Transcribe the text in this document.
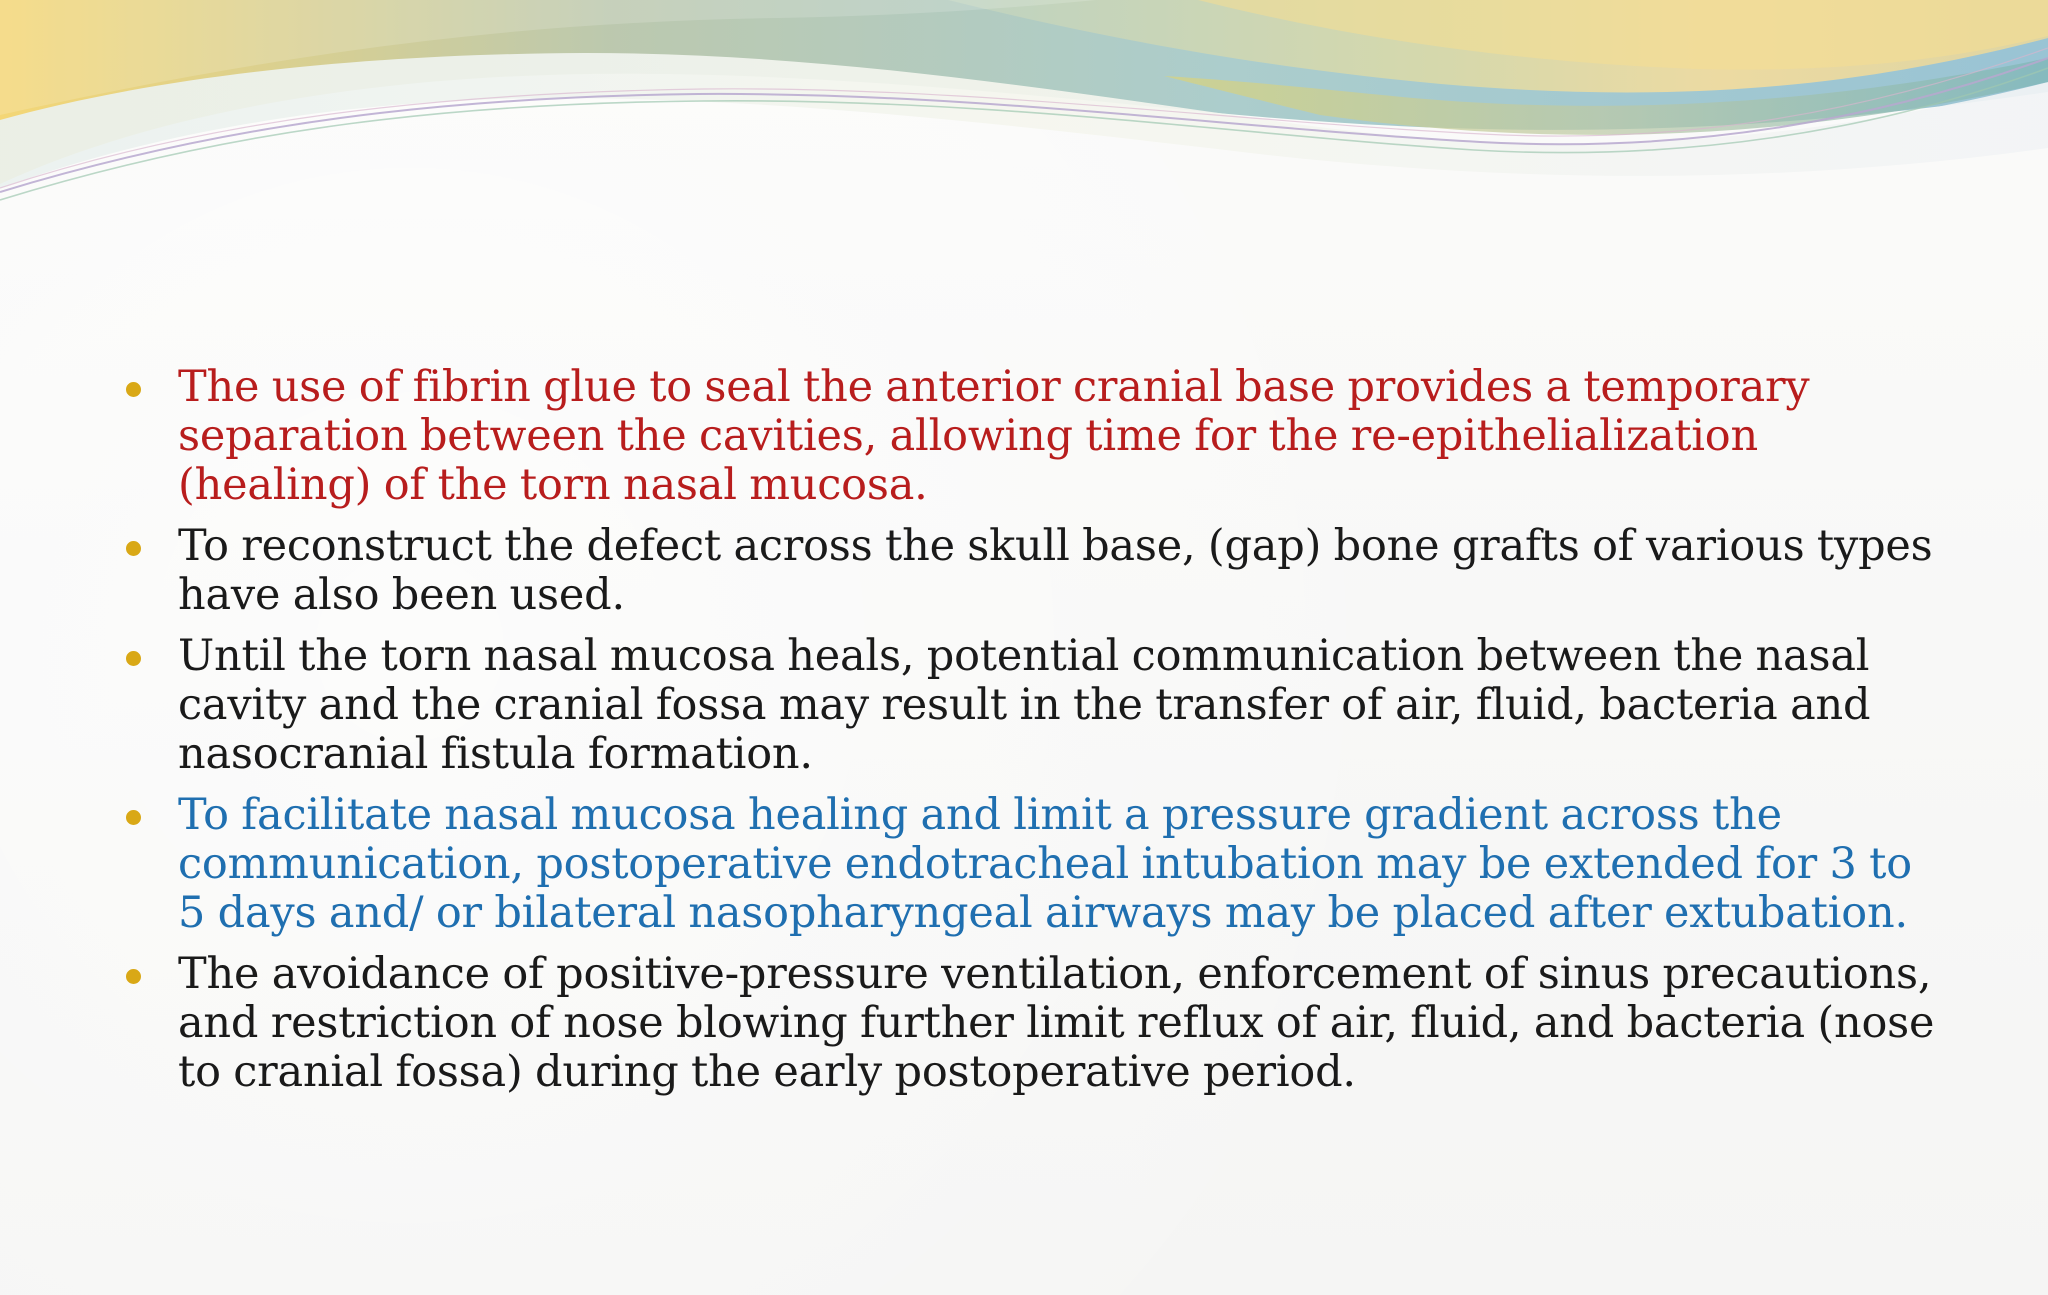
The use of fibrin glue to seal the anterior cranial base provides a temporary separation between the cavities, allowing time for the re-epithelialization (healing) of the torn nasal mucosa.
To reconstruct the defect across the skull base, (gap) bone grafts of various types have also been used.
Until the torn nasal mucosa heals, potential communication between the nasal cavity and the cranial fossa may result in the transfer of air, fluid, bacteria and nasocranial fistula formation.
To facilitate nasal mucosa healing and limit a pressure gradient across the communication, postoperative endotracheal intubation may be extended for 3 to 5 days and/ or bilateral nasopharyngeal airways may be placed after extubation.
The avoidance of positive-pressure ventilation, enforcement of sinus precautions, and restriction of nose blowing further limit reflux of air, fluid, and bacteria (nose to cranial fossa) during the early postoperative period.
